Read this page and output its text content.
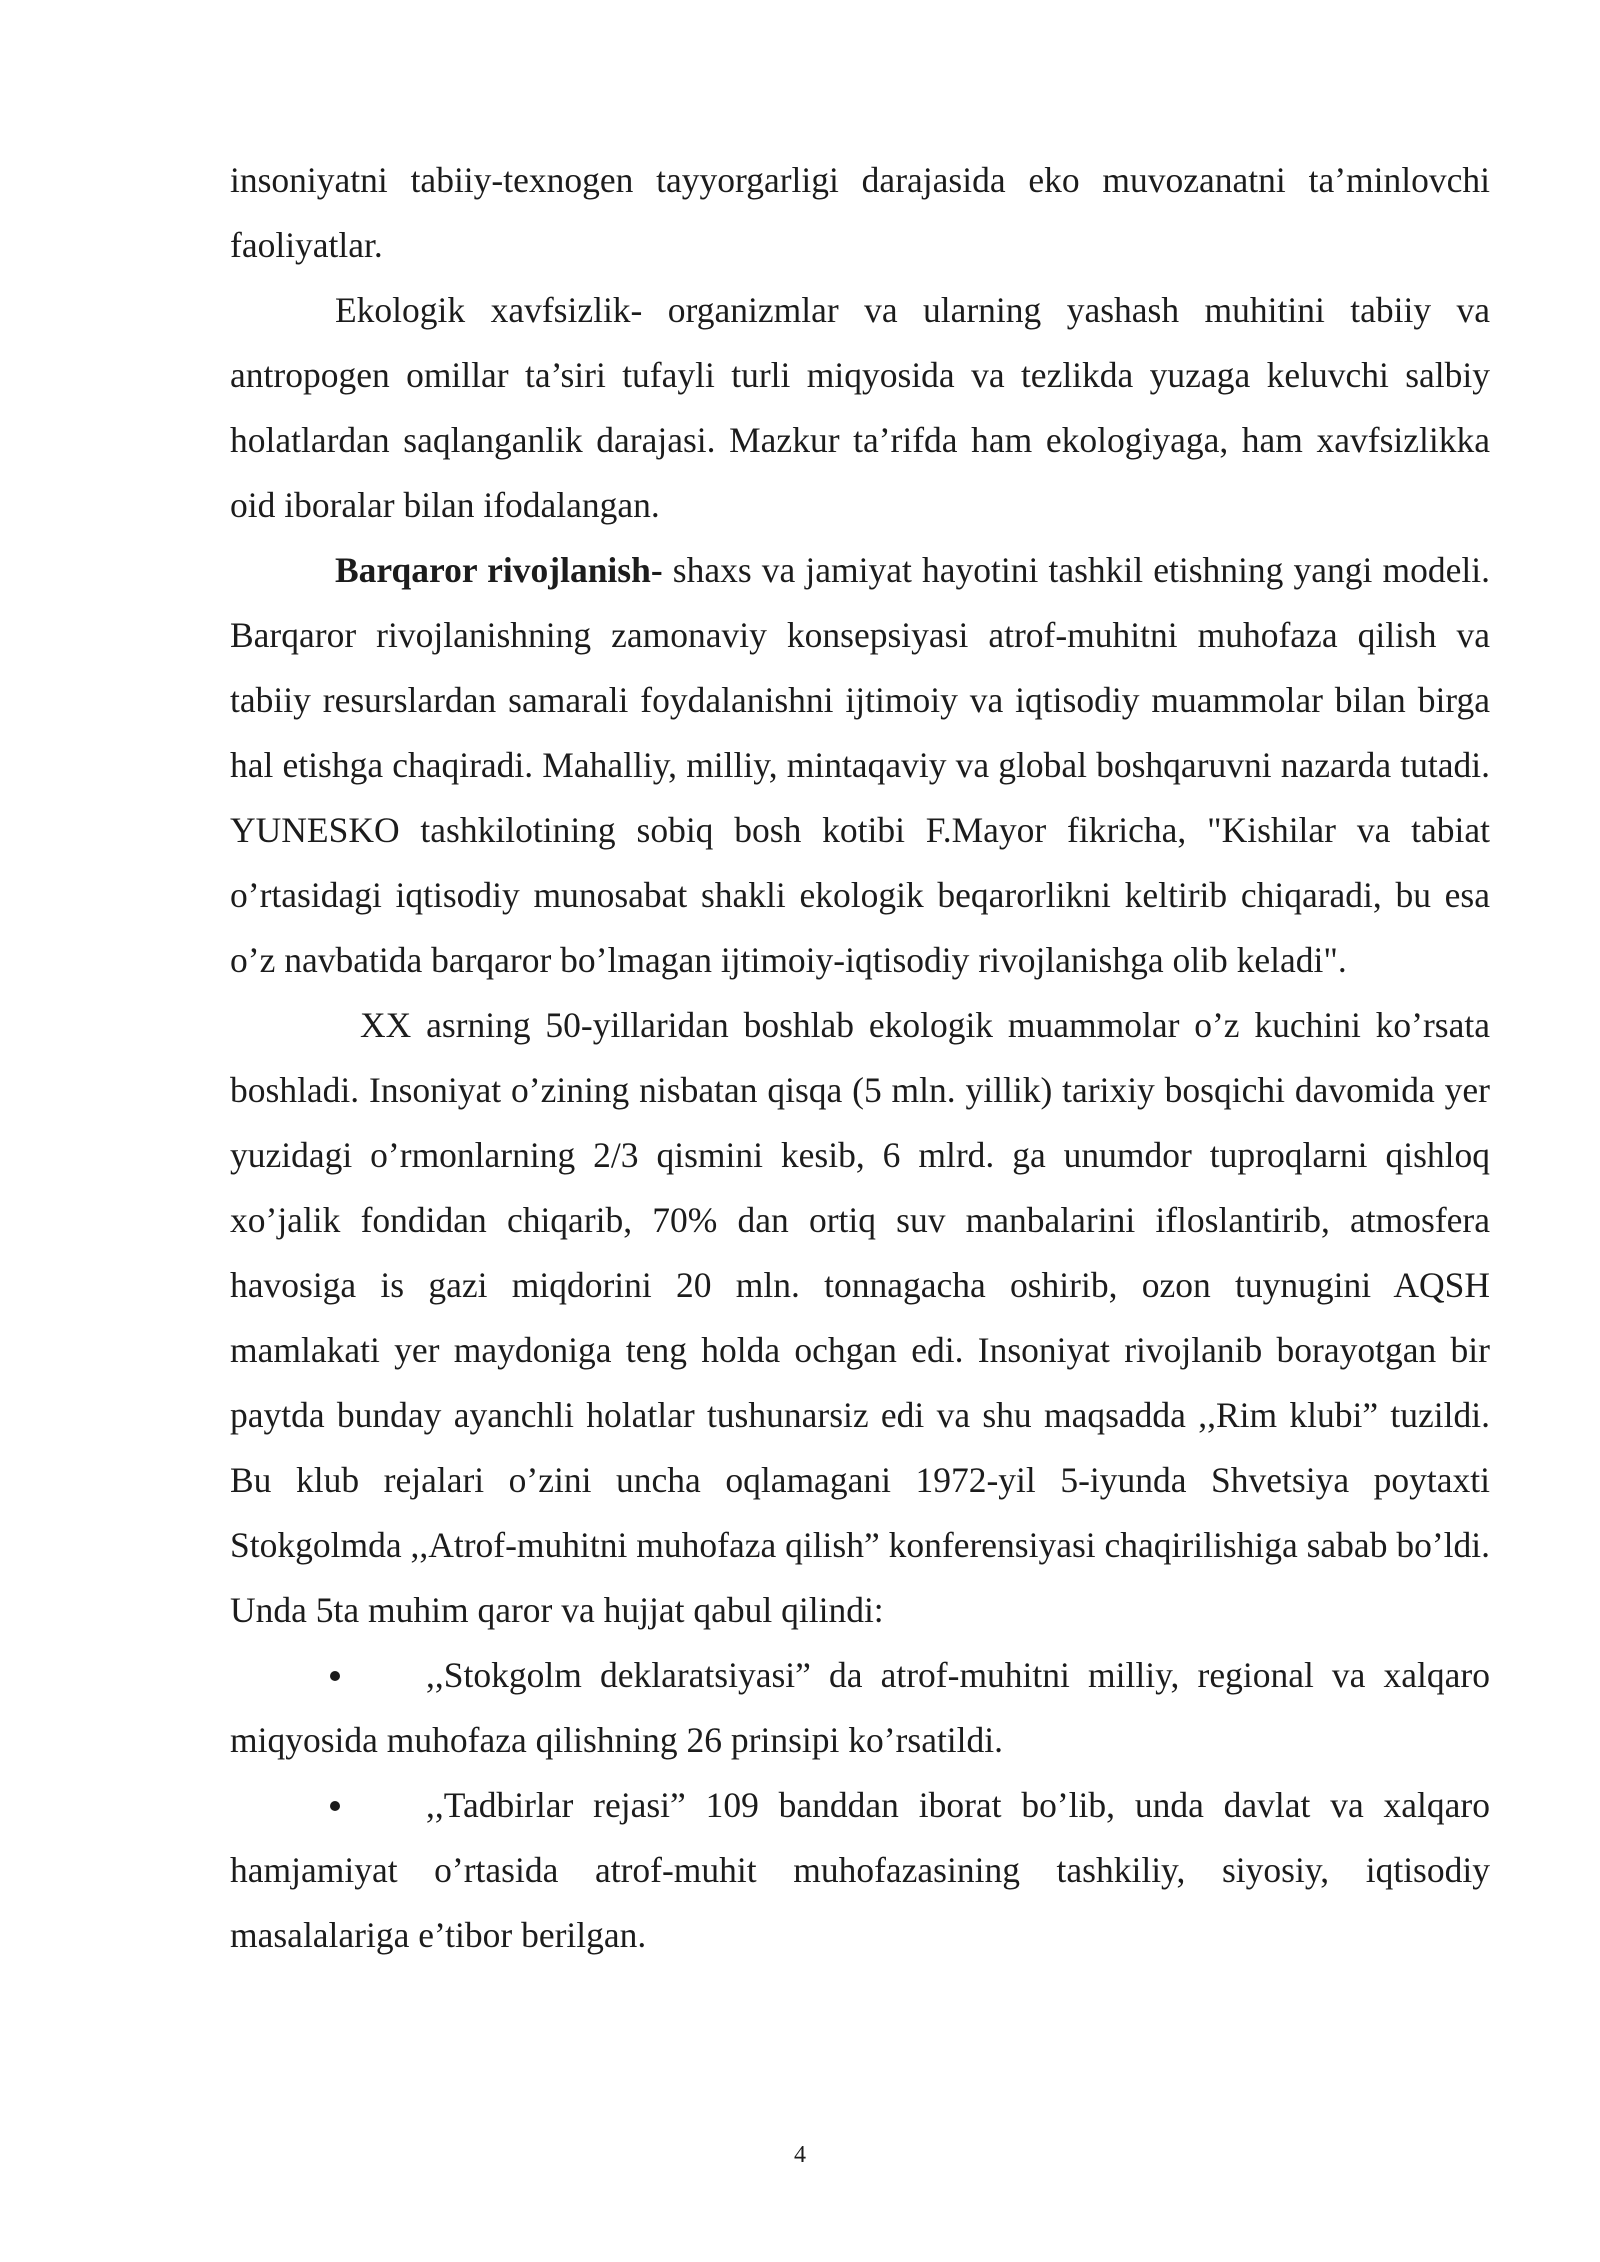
insoniyatni tabiiy-texnogen tayyorgarligi darajasida eko muvozanatni ta’minlovchi faoliyatlar.

Ekologik xavfsizlik- organizmlar va ularning yashash muhitini tabiiy va antropogen omillar ta’siri tufayli turli miqyosida va tezlikda yuzaga keluvchi salbiy holatlardan saqlanganlik darajasi. Mazkur ta’rifda ham ekologiyaga, ham xavfsizlikka oid iboralar bilan ifodalangan.

Barqaror rivojlanish- shaxs va jamiyat hayotini tashkil etishning yangi modeli. Barqaror rivojlanishning zamonaviy konsepsiyasi atrof-muhitni muhofaza qilish va tabiiy resurslardan samarali foydalanishni ijtimoiy va iqtisodiy muammolar bilan birga hal etishga chaqiradi. Mahalliy, milliy, mintaqaviy va global boshqaruvni nazarda tutadi. YUNESKO tashkilotining sobiq bosh kotibi F.Mayor fikricha, "Kishilar va tabiat o’rtasidagi iqtisodiy munosabat shakli ekologik beqarorlikni keltirib chiqaradi, bu esa o’z navbatida barqaror bo’lmagan ijtimoiy-iqtisodiy rivojlanishga olib keladi".

XX asrning 50-yillaridan boshlab ekologik muammolar o’z kuchini ko’rsata boshladi. Insoniyat o’zining nisbatan qisqa (5 mln. yillik) tarixiy bosqichi davomida yer yuzidagi o’rmonlarning 2/3 qismini kesib, 6 mlrd. ga unumdor tuproqlarni qishloq xo’jalik fondidan chiqarib, 70% dan ortiq suv manbalarini ifloslantirib, atmosfera havosiga is gazi miqdorini 20 mln. tonnagacha oshirib, ozon tuynugini AQSH mamlakati yer maydoniga teng holda ochgan edi. Insoniyat rivojlanib borayotgan bir paytda bunday ayanchli holatlar tushunarsiz edi va shu maqsadda ,,Rim klubi” tuzildi. Bu klub rejalari o’zini uncha oqlamagani 1972-yil 5-iyunda Shvetsiya poytaxti Stokgolmda ,,Atrof-muhitni muhofaza qilish” konferensiyasi chaqirilishiga sabab bo’ldi. Unda 5ta muhim qaror va hujjat qabul qilindi:

,,Stokgolm deklaratsiyasi” da atrof-muhitni milliy, regional va xalqaro miqyosida muhofaza qilishning 26 prinsipi ko’rsatildi.

,,Tadbirlar rejasi” 109 banddan iborat bo’lib, unda davlat va xalqaro hamjamiyat o’rtasida atrof-muhit muhofazasining tashkiliy, siyosiy, iqtisodiy masalalariga e’tibor berilgan.

4
